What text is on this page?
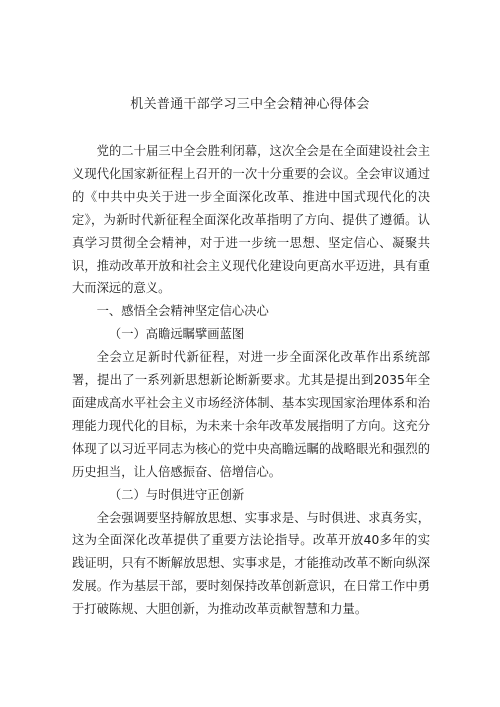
机关普通干部学习三中全会精神心得体会

党的二十届三中全会胜利闭幕，这次全会是在全面建设社会主义现代化国家新征程上召开的一次十分重要的会议。全会审议通过的《中共中央关于进一步全面深化改革、推进中国式现代化的决定》，为新时代新征程全面深化改革指明了方向、提供了遵循。认真学习贯彻全会精神，对于进一步统一思想、坚定信心、凝聚共识，推动改革开放和社会主义现代化建设向更高水平迈进，具有重大而深远的意义。

一、感悟全会精神坚定信心决心
（一）高瞻远瞩擘画蓝图

全会立足新时代新征程，对进一步全面深化改革作出系统部署，提出了一系列新思想新论断新要求。尤其是提出到2035年全面建成高水平社会主义市场经济体制、基本实现国家治理体系和治理能力现代化的目标，为未来十余年改革发展指明了方向。这充分体现了以习近平同志为核心的党中央高瞻远瞩的战略眼光和强烈的历史担当，让人倍感振奋、倍增信心。

（二）与时俱进守正创新

全会强调要坚持解放思想、实事求是、与时俱进、求真务实，这为全面深化改革提供了重要方法论指导。改革开放40多年的实践证明，只有不断解放思想、实事求是，才能推动改革不断向纵深发展。作为基层干部，要时刻保持改革创新意识，在日常工作中勇于打破陈规、大胆创新，为推动改革贡献智慧和力量。
